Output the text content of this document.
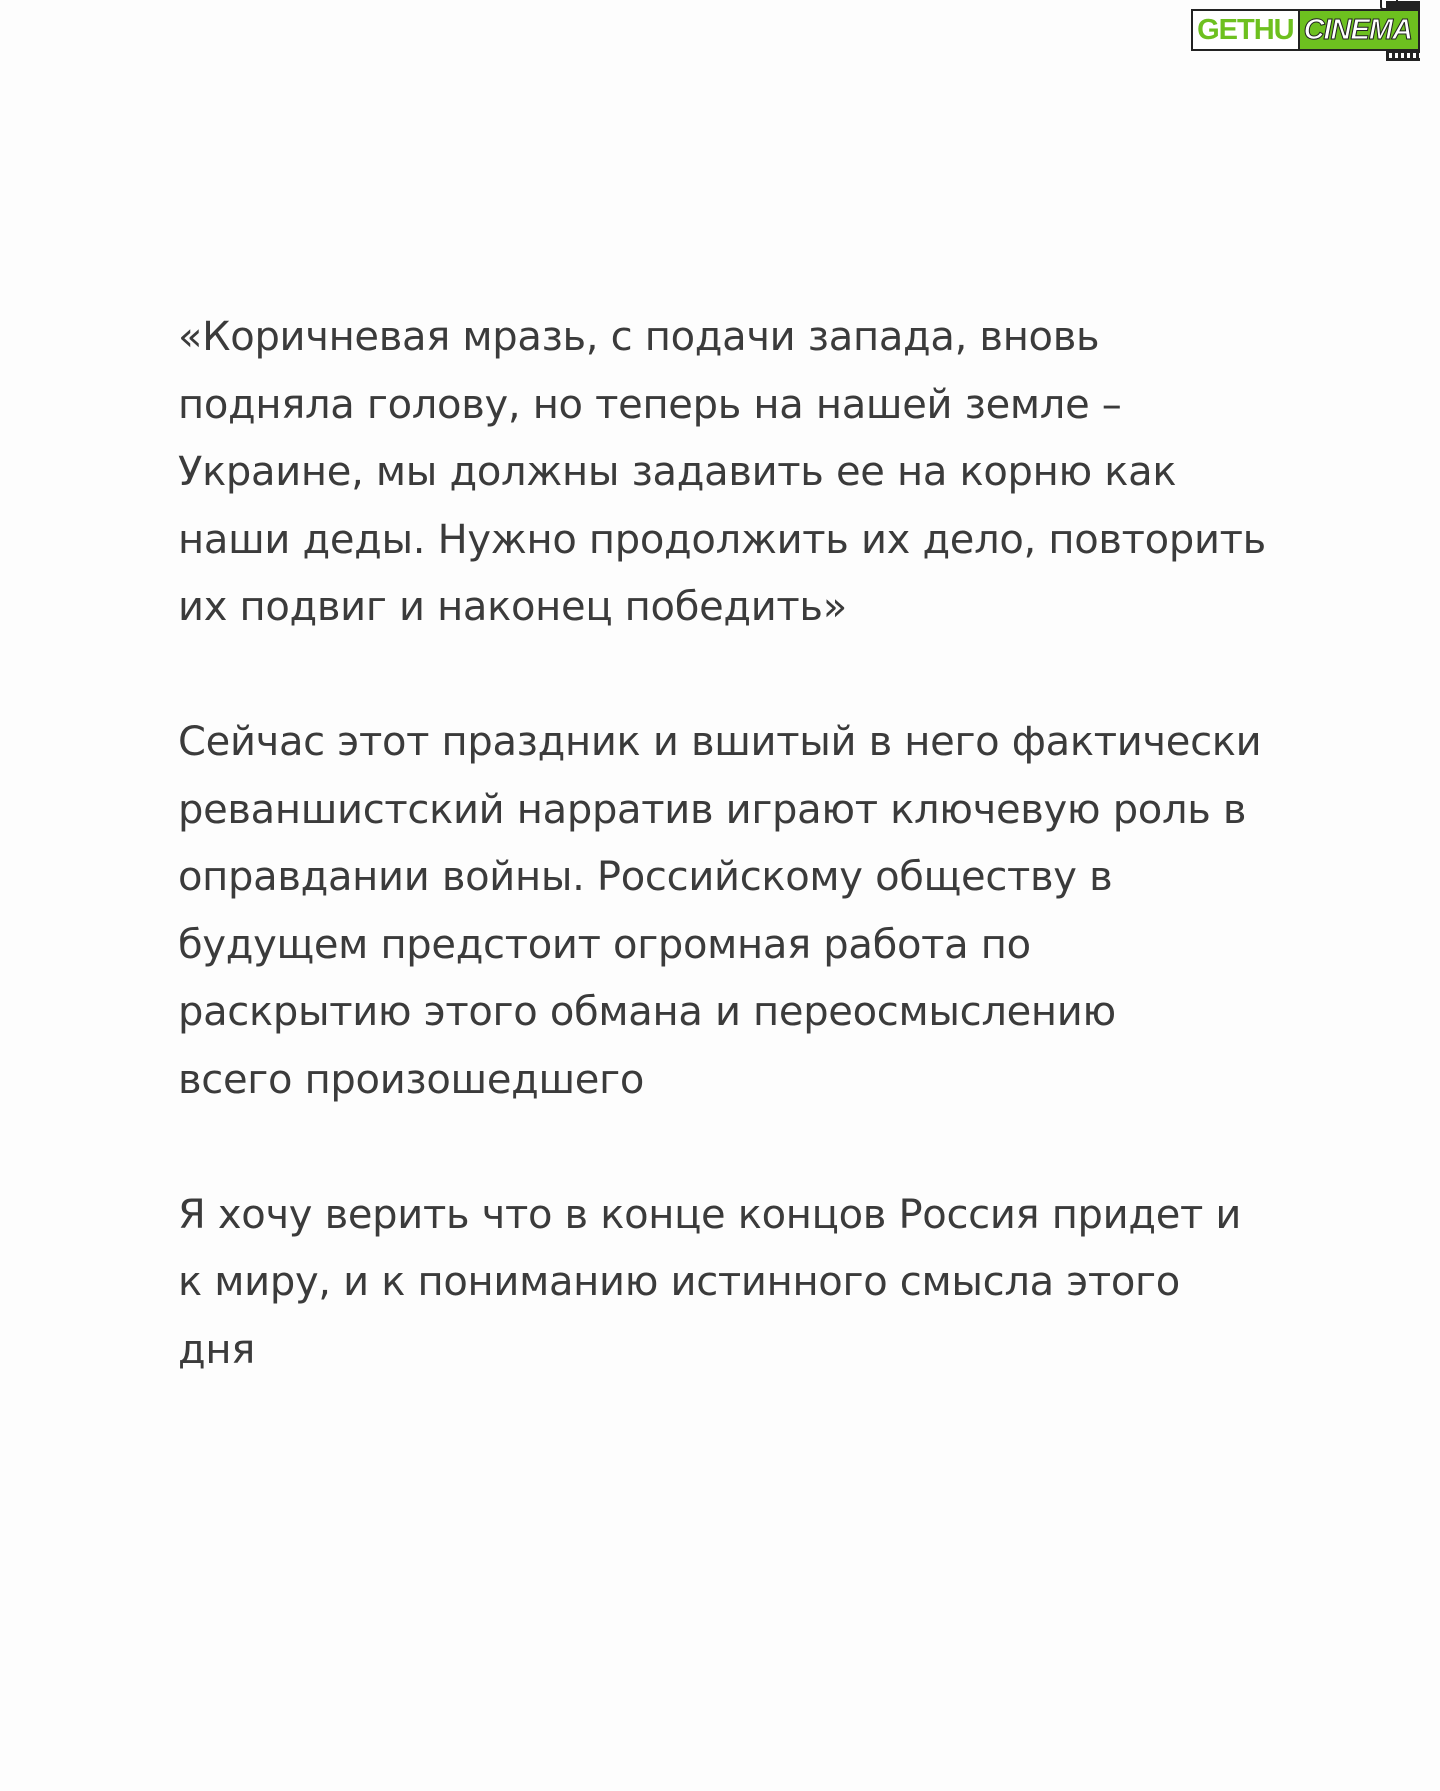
GETHU CINEMA
«Коричневая мразь, с подачи запада, вновь
подняла голову, но теперь на нашей земле –
Украине, мы должны задавить ее на корню как
наши деды. Нужно продолжить их дело, повторить
их подвиг и наконец победить»
Сейчас этот праздник и вшитый в него фактически
реваншистский нарратив играют ключевую роль в
оправдании войны. Российскому обществу в
будущем предстоит огромная работа по
раскрытию этого обмана и переосмыслению
всего произошедшего
Я хочу верить что в конце концов Россия придет и
к миру, и к пониманию истинного смысла этого
дня
